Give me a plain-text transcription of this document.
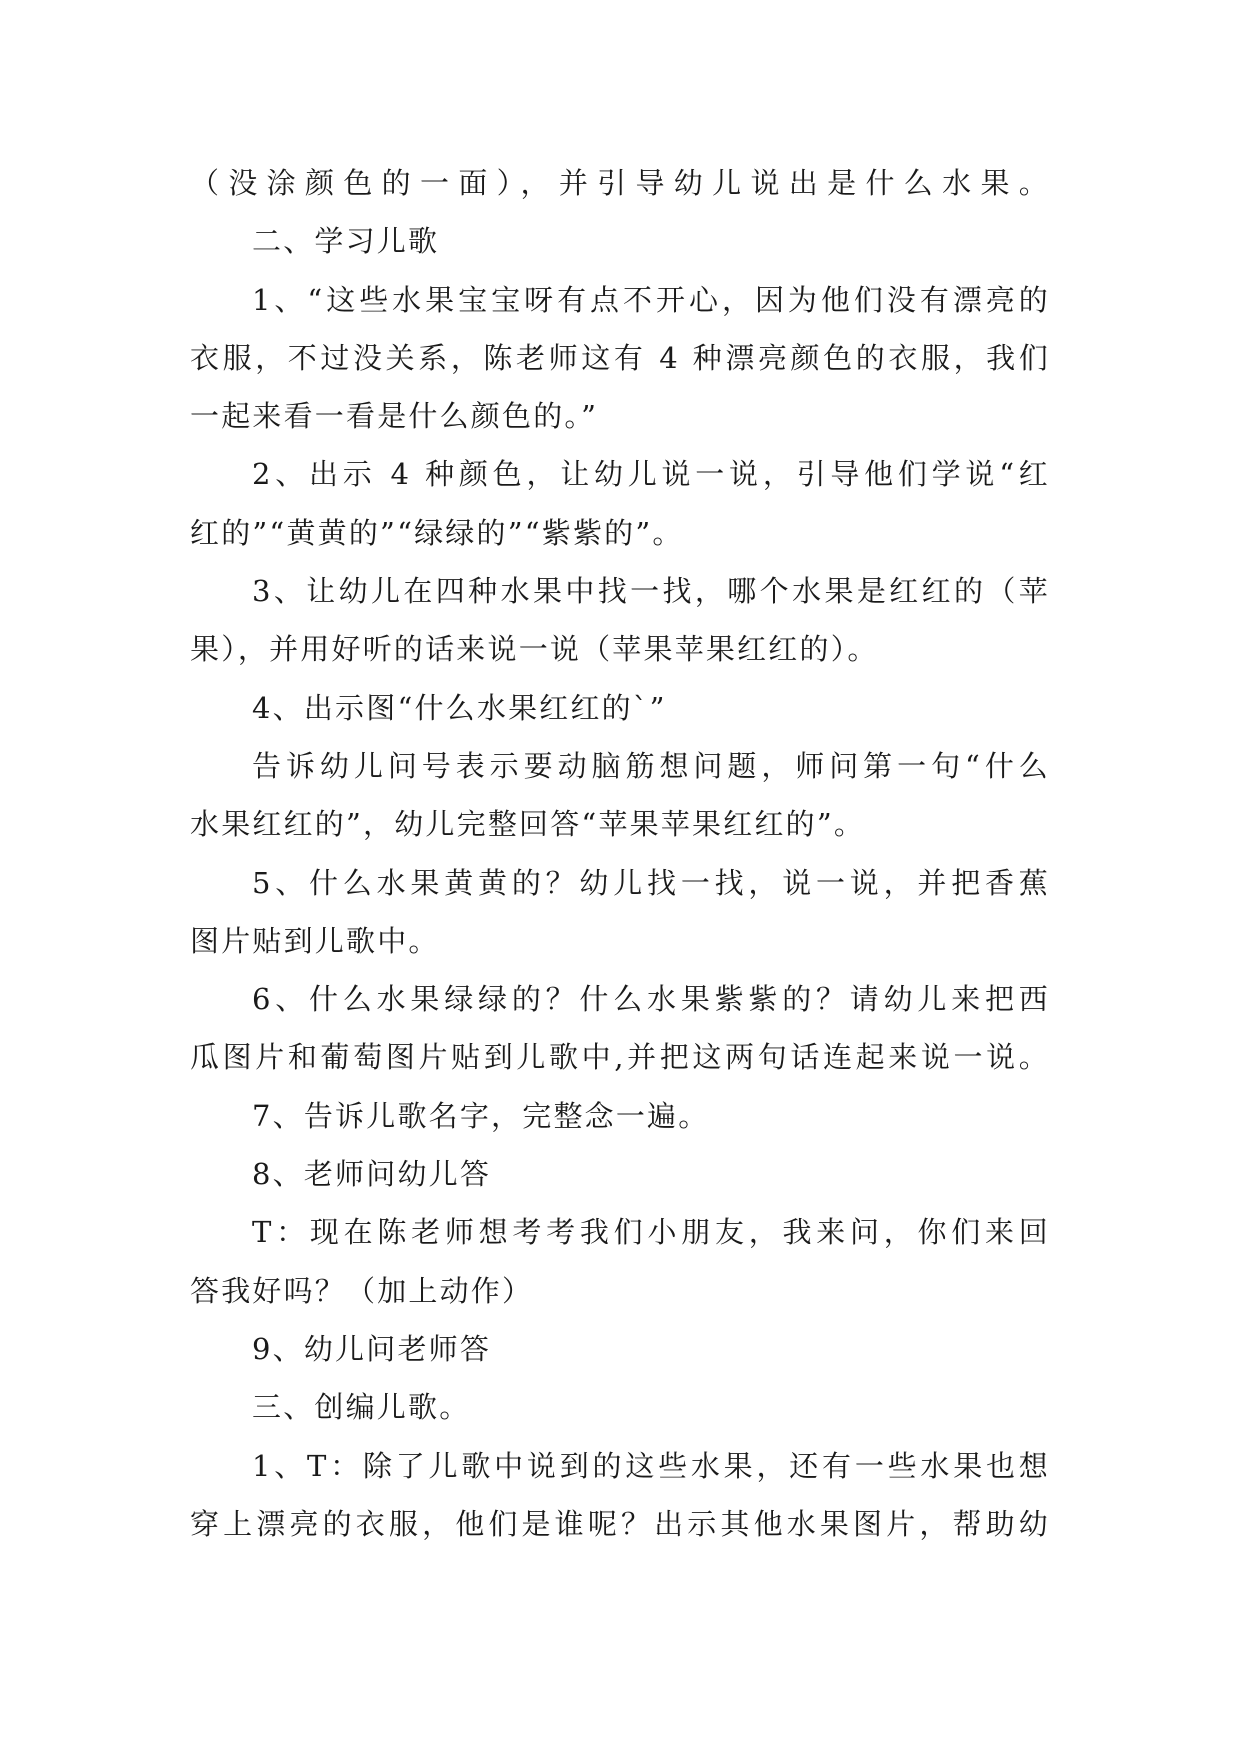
（没涂颜色的一面），并引导幼儿说出是什么水果。
二、学习儿歌
1、“这些水果宝宝呀有点不开心，因为他们没有漂亮的
衣服，不过没关系，陈老师这有 4 种漂亮颜色的衣服，我们
一起来看一看是什么颜色的。”
2、出示 4 种颜色，让幼儿说一说，引导他们学说“红
红的”“黄黄的”“绿绿的”“紫紫的”。
3、让幼儿在四种水果中找一找，哪个水果是红红的（苹
果），并用好听的话来说一说（苹果苹果红红的）。
4、出示图“什么水果红红的`”
告诉幼儿问号表示要动脑筋想问题，师问第一句“什么
水果红红的”，幼儿完整回答“苹果苹果红红的”。
5、什么水果黄黄的？幼儿找一找，说一说，并把香蕉
图片贴到儿歌中。
6、什么水果绿绿的？什么水果紫紫的？请幼儿来把西
瓜图片和葡萄图片贴到儿歌中,并把这两句话连起来说一说。
7、告诉儿歌名字，完整念一遍。
8、老师问幼儿答
T：现在陈老师想考考我们小朋友，我来问，你们来回
答我好吗？（加上动作）
9、幼儿问老师答
三、创编儿歌。
1、T：除了儿歌中说到的这些水果，还有一些水果也想
穿上漂亮的衣服，他们是谁呢？出示其他水果图片，帮助幼
